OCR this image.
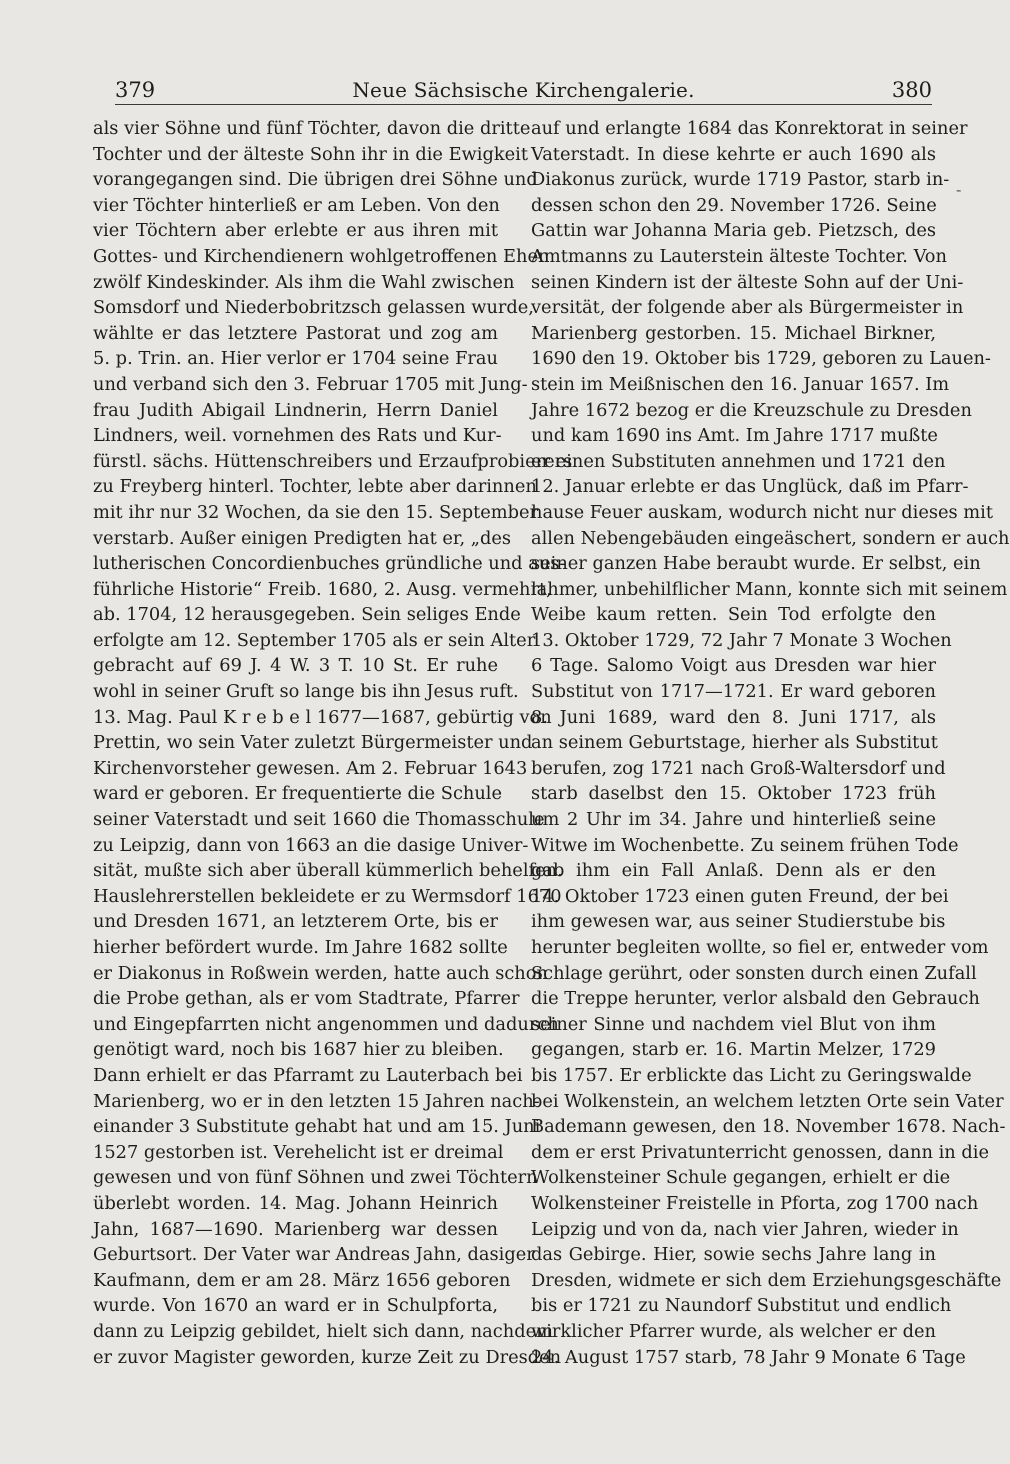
379	Neue Sächsische Kirchengalerie.	380
als vier Söhne und fünf Töchter, davon die dritte
Tochter und der älteste Sohn ihr in die Ewigkeit
vorangegangen sind. Die übrigen drei Söhne und
vier Töchter hinterließ er am Leben. Von den
vier Töchtern aber erlebte er aus ihren mit
Gottes- und Kirchendienern wohlgetroffenen Ehen
zwölf Kindeskinder. Als ihm die Wahl zwischen
Somsdorf und Niederbobritzsch gelassen wurde,
wählte er das letztere Pastorat und zog am
5. p. Trin. an. Hier verlor er 1704 seine Frau
und verband sich den 3. Februar 1705 mit Jung-
frau Judith Abigail Lindnerin, Herrn Daniel
Lindners, weil. vornehmen des Rats und Kur-
fürstl. sächs. Hüttenschreibers und Erzaufprobierers
zu Freyberg hinterl. Tochter, lebte aber darinnen
mit ihr nur 32 Wochen, da sie den 15. September
verstarb. Außer einigen Predigten hat er, „des
lutherischen Concordienbuches gründliche und aus-
führliche Historie“ Freib. 1680, 2. Ausg. vermehrt,
ab. 1704, 12 herausgegeben. Sein seliges Ende
erfolgte am 12. September 1705 als er sein Alter
gebracht auf 69 J. 4 W. 3 T. 10 St. Er ruhe
wohl in seiner Gruft so lange bis ihn Jesus ruft.
13. Mag. Paul K r e b e l 1677—1687, gebürtig von
Prettin, wo sein Vater zuletzt Bürgermeister und
Kirchenvorsteher gewesen. Am 2. Februar 1643
ward er geboren. Er frequentierte die Schule
seiner Vaterstadt und seit 1660 die Thomasschule
zu Leipzig, dann von 1663 an die dasige Univer-
sität, mußte sich aber überall kümmerlich behelfen.
Hauslehrerstellen bekleidete er zu Wermsdorf 1670
und Dresden 1671, an letzterem Orte, bis er
hierher befördert wurde. Im Jahre 1682 sollte
er Diakonus in Roßwein werden, hatte auch schon
die Probe gethan, als er vom Stadtrate, Pfarrer
und Eingepfarrten nicht angenommen und dadurch
genötigt ward, noch bis 1687 hier zu bleiben.
Dann erhielt er das Pfarramt zu Lauterbach bei
Marienberg, wo er in den letzten 15 Jahren nach-
einander 3 Substitute gehabt hat und am 15. Juni
1527 gestorben ist. Verehelicht ist er dreimal
gewesen und von fünf Söhnen und zwei Töchtern
überlebt worden. 14. Mag. Johann Heinrich
Jahn, 1687—1690. Marienberg war dessen
Geburtsort. Der Vater war Andreas Jahn, dasiger
Kaufmann, dem er am 28. März 1656 geboren
wurde. Von 1670 an ward er in Schulpforta,
dann zu Leipzig gebildet, hielt sich dann, nachdem
er zuvor Magister geworden, kurze Zeit zu Dresden
auf und erlangte 1684 das Konrektorat in seiner
Vaterstadt. In diese kehrte er auch 1690 als
Diakonus zurück, wurde 1719 Pastor, starb in-
dessen schon den 29. November 1726. Seine
Gattin war Johanna Maria geb. Pietzsch, des
Amtmanns zu Lauterstein älteste Tochter. Von
seinen Kindern ist der älteste Sohn auf der Uni-
versität, der folgende aber als Bürgermeister in
Marienberg gestorben. 15. Michael Birkner,
1690 den 19. Oktober bis 1729, geboren zu Lauen-
stein im Meißnischen den 16. Januar 1657. Im
Jahre 1672 bezog er die Kreuzschule zu Dresden
und kam 1690 ins Amt. Im Jahre 1717 mußte
er einen Substituten annehmen und 1721 den
12. Januar erlebte er das Unglück, daß im Pfarr-
hause Feuer auskam, wodurch nicht nur dieses mit
allen Nebengebäuden eingeäschert, sondern er auch
seiner ganzen Habe beraubt wurde. Er selbst, ein
lahmer, unbehilflicher Mann, konnte sich mit seinem
Weibe kaum retten. Sein Tod erfolgte den
13. Oktober 1729, 72 Jahr 7 Monate 3 Wochen
6 Tage. Salomo Voigt aus Dresden war hier
Substitut von 1717—1721. Er ward geboren
8. Juni 1689, ward den 8. Juni 1717, als
an seinem Geburtstage, hierher als Substitut
berufen, zog 1721 nach Groß-Waltersdorf und
starb daselbst den 15. Oktober 1723 früh
um 2 Uhr im 34. Jahre und hinterließ seine
Witwe im Wochenbette. Zu seinem frühen Tode
gab ihm ein Fall Anlaß. Denn als er den
14. Oktober 1723 einen guten Freund, der bei
ihm gewesen war, aus seiner Studierstube bis
herunter begleiten wollte, so fiel er, entweder vom
Schlage gerührt, oder sonsten durch einen Zufall
die Treppe herunter, verlor alsbald den Gebrauch
seiner Sinne und nachdem viel Blut von ihm
gegangen, starb er. 16. Martin Melzer, 1729
bis 1757. Er erblickte das Licht zu Geringswalde
bei Wolkenstein, an welchem letzten Orte sein Vater
Bademann gewesen, den 18. November 1678. Nach-
dem er erst Privatunterricht genossen, dann in die
Wolkensteiner Schule gegangen, erhielt er die
Wolkensteiner Freistelle in Pforta, zog 1700 nach
Leipzig und von da, nach vier Jahren, wieder in
das Gebirge. Hier, sowie sechs Jahre lang in
Dresden, widmete er sich dem Erziehungsgeschäfte
bis er 1721 zu Naundorf Substitut und endlich
wirklicher Pfarrer wurde, als welcher er den
24. August 1757 starb, 78 Jahr 9 Monate 6 Tage
-
